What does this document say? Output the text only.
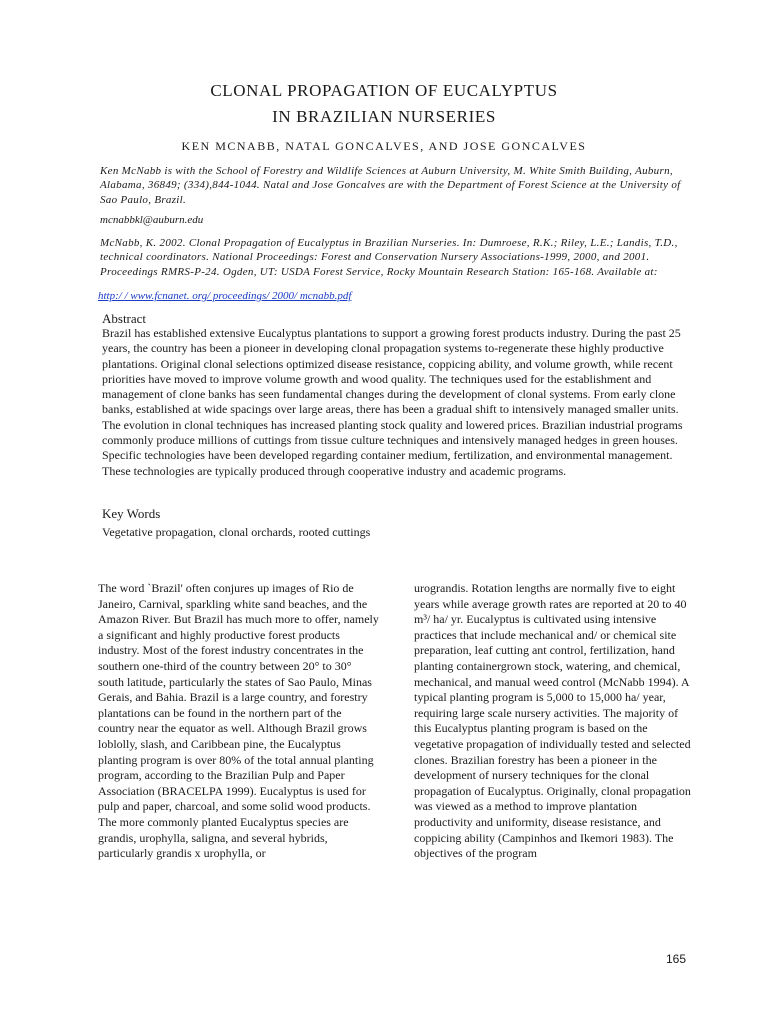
CLONAL PROPAGATION OF EUCALYPTUS
IN BRAZILIAN NURSERIES
KEN MCNABB, NATAL GONCALVES, AND JOSE GONCALVES
Ken McNabb is with the School of Forestry and Wildlife Sciences at Auburn University, M. White Smith Building, Auburn, Alabama, 36849; (334),844-1044. Natal and Jose Goncalves are with the Department of Forest Science at the University of Sao Paulo, Brazil.
mcnabbkl@auburn.edu
McNabb, K. 2002. Clonal Propagation of Eucalyptus in Brazilian Nurseries. In: Dumroese, R.K.; Riley, L.E.; Landis, T.D., technical coordinators. National Proceedings: Forest and Conservation Nursery Associations-1999, 2000, and 2001. Proceedings RMRS-P-24. Ogden, UT: USDA Forest Service, Rocky Mountain Research Station: 165-168. Available at:
http:/ / www.fcnanet. org/ proceedings/ 2000/ mcnabb.pdf
Abstract
Brazil has established extensive Eucalyptus plantations to support a growing forest products industry. During the past 25 years, the country has been a pioneer in developing clonal propagation systems to-regenerate these highly productive plantations. Original clonal selections optimized disease resistance, coppicing ability, and volume growth, while recent priorities have moved to improve volume growth and wood quality. The techniques used for the establishment and management of clone banks has seen fundamental changes during the development of clonal systems. From early clone banks, established at wide spacings over large areas, there has been a gradual shift to intensively managed smaller units. The evolution in clonal techniques has increased planting stock quality and lowered prices. Brazilian industrial programs commonly produce millions of cuttings from tissue culture techniques and intensively managed hedges in green houses. Specific technologies have been developed regarding container medium, fertilization, and environmental management. These technologies are typically produced through cooperative industry and academic programs.
Key Words
Vegetative propagation, clonal orchards, rooted cuttings
The word `Brazil' often conjures up images of Rio de Janeiro, Carnival, sparkling white sand beaches, and the Amazon River. But Brazil has much more to offer, namely a significant and highly productive forest products industry. Most of the forest industry concentrates in the southern one-third of the country between 20° to 30° south latitude, particularly the states of Sao Paulo, Minas Gerais, and Bahia. Brazil is a large country, and forestry plantations can be found in the northern part of the country near the equator as well. Although Brazil grows loblolly, slash, and Caribbean pine, the Eucalyptus planting program is over 80% of the total annual planting program, according to the Brazilian Pulp and Paper Association (BRACELPA 1999). Eucalyptus is used for pulp and paper, charcoal, and some solid wood products. The more commonly planted Eucalyptus species are grandis, urophylla, saligna, and several hybrids, particularly grandis x urophylla, or
urograndis. Rotation lengths are normally five to eight years while average growth rates are reported at 20 to 40 m³/ ha/ yr. Eucalyptus is cultivated using intensive practices that include mechanical and/ or chemical site preparation, leaf cutting ant control, fertilization, hand planting containergrown stock, watering, and chemical, mechanical, and manual weed control (McNabb 1994). A typical planting program is 5,000 to 15,000 ha/ year, requiring large scale nursery activities. The majority of this Eucalyptus planting program is based on the vegetative propagation of individually tested and selected clones. Brazilian forestry has been a pioneer in the development of nursery techniques for the clonal propagation of Eucalyptus. Originally, clonal propagation was viewed as a method to improve plantation productivity and uniformity, disease resistance, and coppicing ability (Campinhos and Ikemori 1983). The objectives of the program
165
